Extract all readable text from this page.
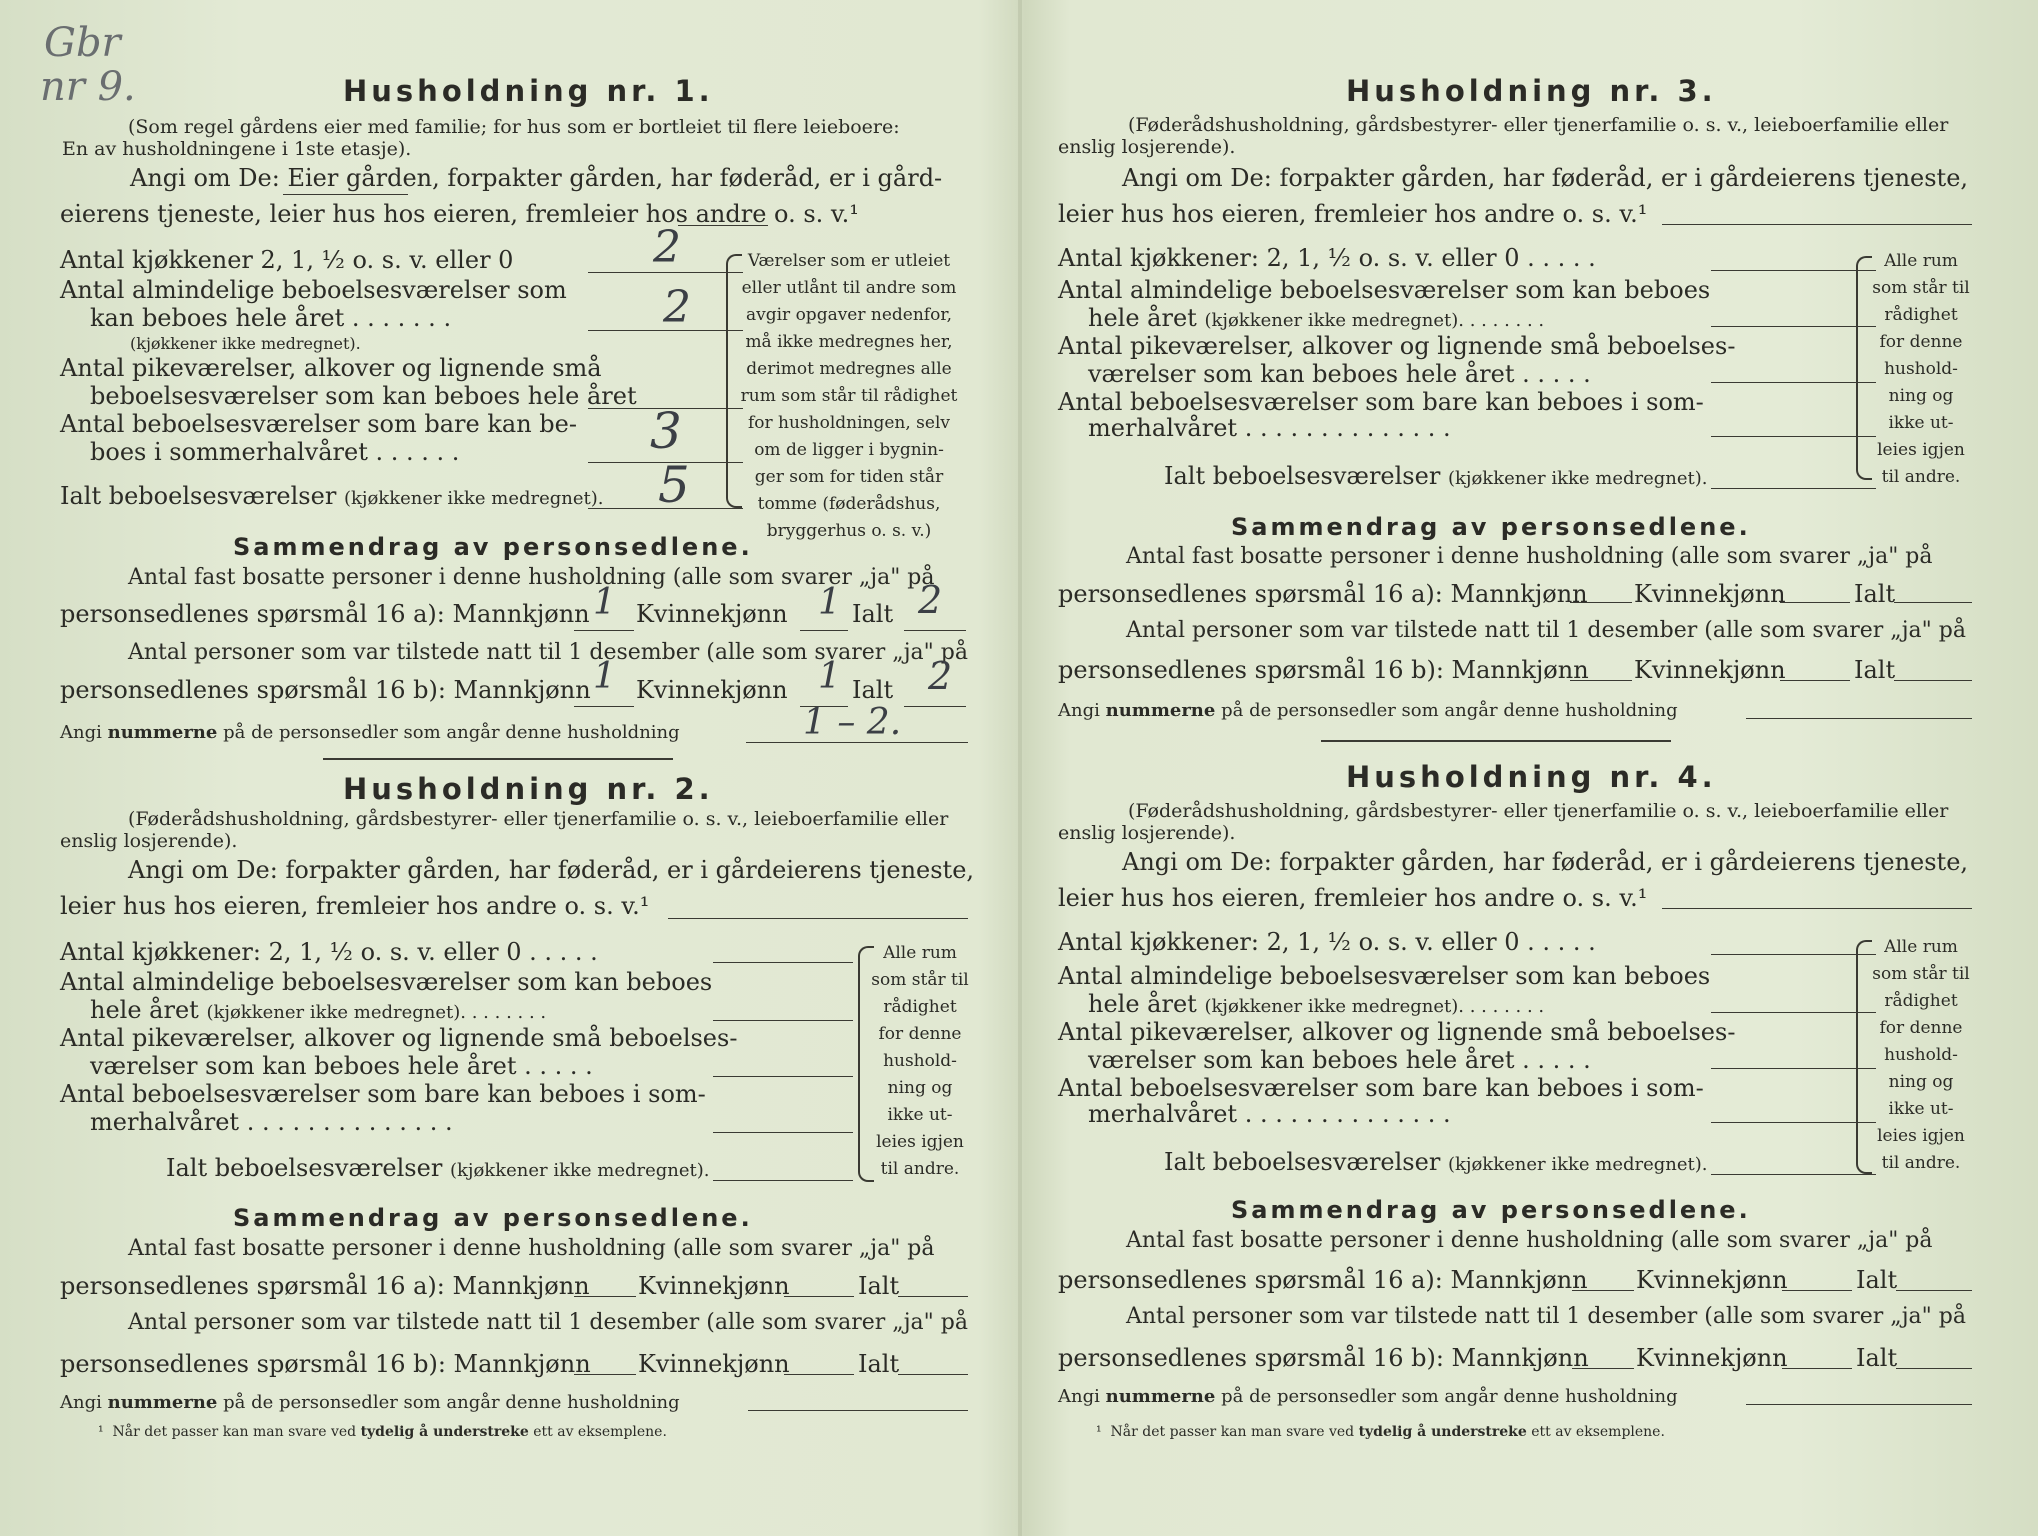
Gbr
nr 9.	Husholdning nr. 1.
(Som regel gårdens eier med familie; for hus som er bortleiet til flere leieboere:
En av husholdningene i 1ste etasje).
Angi om De: Eier gården, forpakter gården, har føderåd, er i gård-
eierens tjeneste, leier hus hos eieren, fremleier hos andre o. s. v.¹
Antal kjøkkener 2, 1, ½ o. s. v. eller 0	2
Antal almindelige beboelsesværelser som
kan beboes hele året . . . . . . .	2
(kjøkkener ikke medregnet).
Antal pikeværelser, alkover og lignende små
beboelsesværelser som kan beboes hele året
Antal beboelsesværelser som bare kan be-
boes i sommerhalvåret . . . . . .	3
Ialt beboelsesværelser (kjøkkener ikke medregnet). 5
Værelser som er utleiet
eller utlånt til andre som
avgir opgaver nedenfor,
må ikke medregnes her,
derimot medregnes alle
rum som står til rådighet
for husholdningen, selv
om de ligger i bygnin-
ger som for tiden står
tomme (føderådshus,
bryggerhus o. s. v.)
Sammendrag av personsedlene.
Antal fast bosatte personer i denne husholdning (alle som svarer „ja" på
personsedlenes spørsmål 16 a): Mannkjønn 1 Kvinnekjønn 1 Ialt 2
Antal personer som var tilstede natt til 1 desember (alle som svarer „ja" på
personsedlenes spørsmål 16 b): Mannkjønn 1 Kvinnekjønn 1 Ialt 2
Angi nummerne på de personsedler som angår denne husholdning	1 – 2.
Husholdning nr. 2.
(Føderådshusholdning, gårdsbestyrer- eller tjenerfamilie o. s. v., leieboerfamilie eller
enslig losjerende).
Angi om De: forpakter gården, har føderåd, er i gårdeierens tjeneste,
leier hus hos eieren, fremleier hos andre o. s. v.¹
Antal kjøkkener: 2, 1, ½ o. s. v. eller 0 . . . . .
Antal almindelige beboelsesværelser som kan beboes
hele året (kjøkkener ikke medregnet). . . . . . . .
Antal pikeværelser, alkover og lignende små beboelses-
værelser som kan beboes hele året . . . . .
Antal beboelsesværelser som bare kan beboes i som-
merhalvåret . . . . . . . . . . . . . .
Ialt beboelsesværelser (kjøkkener ikke medregnet).
Alle rum
som står til
rådighet
for denne
hushold-
ning og
ikke ut-
leies igjen
til andre.
Sammendrag av personsedlene.
Antal fast bosatte personer i denne husholdning (alle som svarer „ja" på
personsedlenes spørsmål 16 a): Mannkjønn Kvinnekjønn	Ialt
Antal personer som var tilstede natt til 1 desember (alle som svarer „ja" på
personsedlenes spørsmål 16 b): Mannkjønn Kvinnekjønn	Ialt
Angi nummerne på de personsedler som angår denne husholdning
¹ Når det passer kan man svare ved tydelig å understreke ett av eksemplene.
Husholdning nr. 3.
(Føderådshusholdning, gårdsbestyrer- eller tjenerfamilie o. s. v., leieboerfamilie eller
enslig losjerende).
Angi om De: forpakter gården, har føderåd, er i gårdeierens tjeneste,
leier hus hos eieren, fremleier hos andre o. s. v.¹
Antal kjøkkener: 2, 1, ½ o. s. v. eller 0 . . . . .
Antal almindelige beboelsesværelser som kan beboes
hele året (kjøkkener ikke medregnet). . . . . . . .
Antal pikeværelser, alkover og lignende små beboelses-
værelser som kan beboes hele året . . . . .
Antal beboelsesværelser som bare kan beboes i som-
merhalvåret . . . . . . . . . . . . . .
Ialt beboelsesværelser (kjøkkener ikke medregnet).
Alle rum
som står til
rådighet
for denne
hushold-
ning og
ikke ut-
leies igjen
til andre.
Sammendrag av personsedlene.
Antal fast bosatte personer i denne husholdning (alle som svarer „ja" på
personsedlenes spørsmål 16 a): Mannkjønn Kvinnekjønn	Ialt
Antal personer som var tilstede natt til 1 desember (alle som svarer „ja" på
personsedlenes spørsmål 16 b): Mannkjønn Kvinnekjønn	Ialt
Angi nummerne på de personsedler som angår denne husholdning
Husholdning nr. 4.
(Føderådshusholdning, gårdsbestyrer- eller tjenerfamilie o. s. v., leieboerfamilie eller
enslig losjerende).
Angi om De: forpakter gården, har føderåd, er i gårdeierens tjeneste,
leier hus hos eieren, fremleier hos andre o. s. v.¹
Antal kjøkkener: 2, 1, ½ o. s. v. eller 0 . . . . .
Antal almindelige beboelsesværelser som kan beboes
hele året (kjøkkener ikke medregnet). . . . . . . .
Antal pikeværelser, alkover og lignende små beboelses-
værelser som kan beboes hele året . . . . .
Antal beboelsesværelser som bare kan beboes i som-
merhalvåret . . . . . . . . . . . . . .
Ialt beboelsesværelser (kjøkkener ikke medregnet).
Alle rum
som står til
rådighet
for denne
hushold-
ning og
ikke ut-
leies igjen
til andre.
Sammendrag av personsedlene.
Antal fast bosatte personer i denne husholdning (alle som svarer „ja" på
personsedlenes spørsmål 16 a): Mannkjønn Kvinnekjønn	Ialt
Antal personer som var tilstede natt til 1 desember (alle som svarer „ja" på
personsedlenes spørsmål 16 b): Mannkjønn Kvinnekjønn	Ialt
Angi nummerne på de personsedler som angår denne husholdning
¹ Når det passer kan man svare ved tydelig å understreke ett av eksemplene.
